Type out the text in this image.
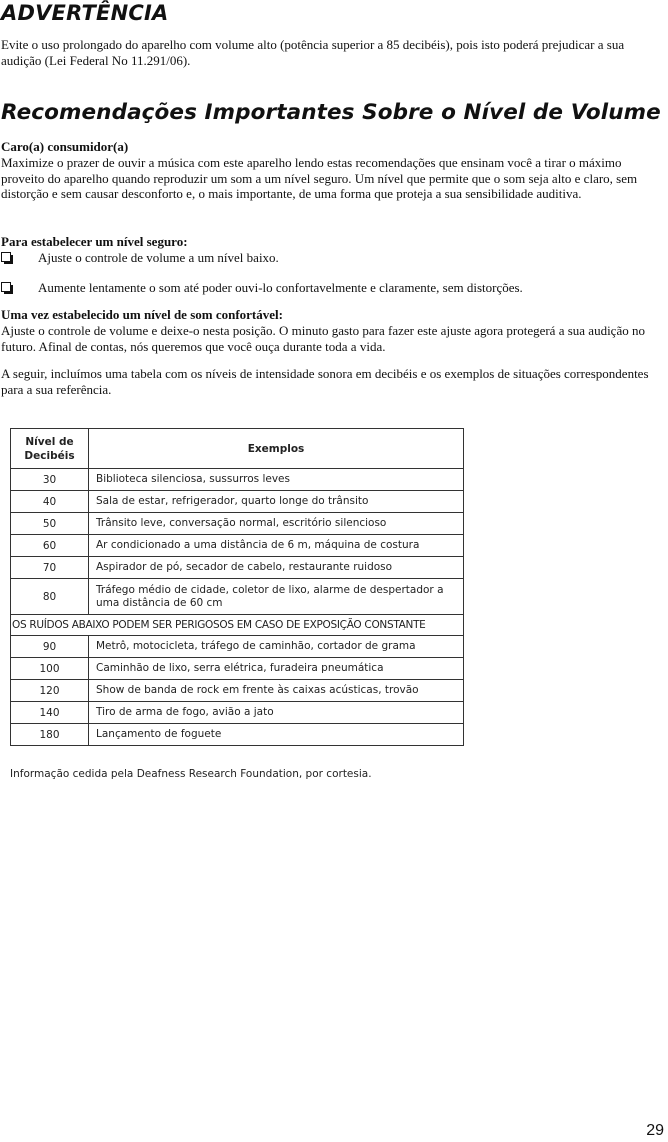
ADVERTÊNCIA

Evite o uso prolongado do aparelho com volume alto (potência superior a 85 decibéis), pois isto poderá prejudicar a sua audição (Lei Federal No 11.291/06).

Recomendações Importantes Sobre o Nível de Volume

Caro(a) consumidor(a)

Maximize o prazer de ouvir a música com este aparelho lendo estas recomendações que ensinam você a tirar o máximo proveito do aparelho quando reproduzir um som a um nível seguro. Um nível que permite que o som seja alto e claro, sem distorção e sem causar desconforto e, o mais importante, de uma forma que proteja a sua sensibilidade auditiva.

Para estabelecer um nível seguro:

Ajuste o controle de volume a um nível baixo.
Aumente lentamente o som até poder ouvi-lo confortavelmente e claramente, sem distorções.

Uma vez estabelecido um nível de som confortável:

Ajuste o controle de volume e deixe-o nesta posição. O minuto gasto para fazer este ajuste agora protegerá a sua audição no futuro. Afinal de contas, nós queremos que você ouça durante toda a vida.

A seguir, incluímos uma tabela com os níveis de intensidade sonora em decibéis e os exemplos de situações correspondentes para a sua referência.

Nível de Decibéis	Exemplos
30	Biblioteca silenciosa, sussurros leves
40	Sala de estar, refrigerador, quarto longe do trânsito
50	Trânsito leve, conversação normal, escritório silencioso
60	Ar condicionado a uma distância de 6 m, máquina de costura
70	Aspirador de pó, secador de cabelo, restaurante ruidoso
80	Tráfego médio de cidade, coletor de lixo, alarme de despertador a uma distância de 60 cm
OS RUÍDOS ABAIXO PODEM SER PERIGOSOS EM CASO DE EXPOSIÇÃO CONSTANTE	
90	Metrô, motocicleta, tráfego de caminhão, cortador de grama
100	Caminhão de lixo, serra elétrica, furadeira pneumática
120	Show de banda de rock em frente às caixas acústicas, trovão
140	Tiro de arma de fogo, avião a jato
180	Lançamento de foguete
Informação cedida pela Deafness Research Foundation, por cortesia.
29
